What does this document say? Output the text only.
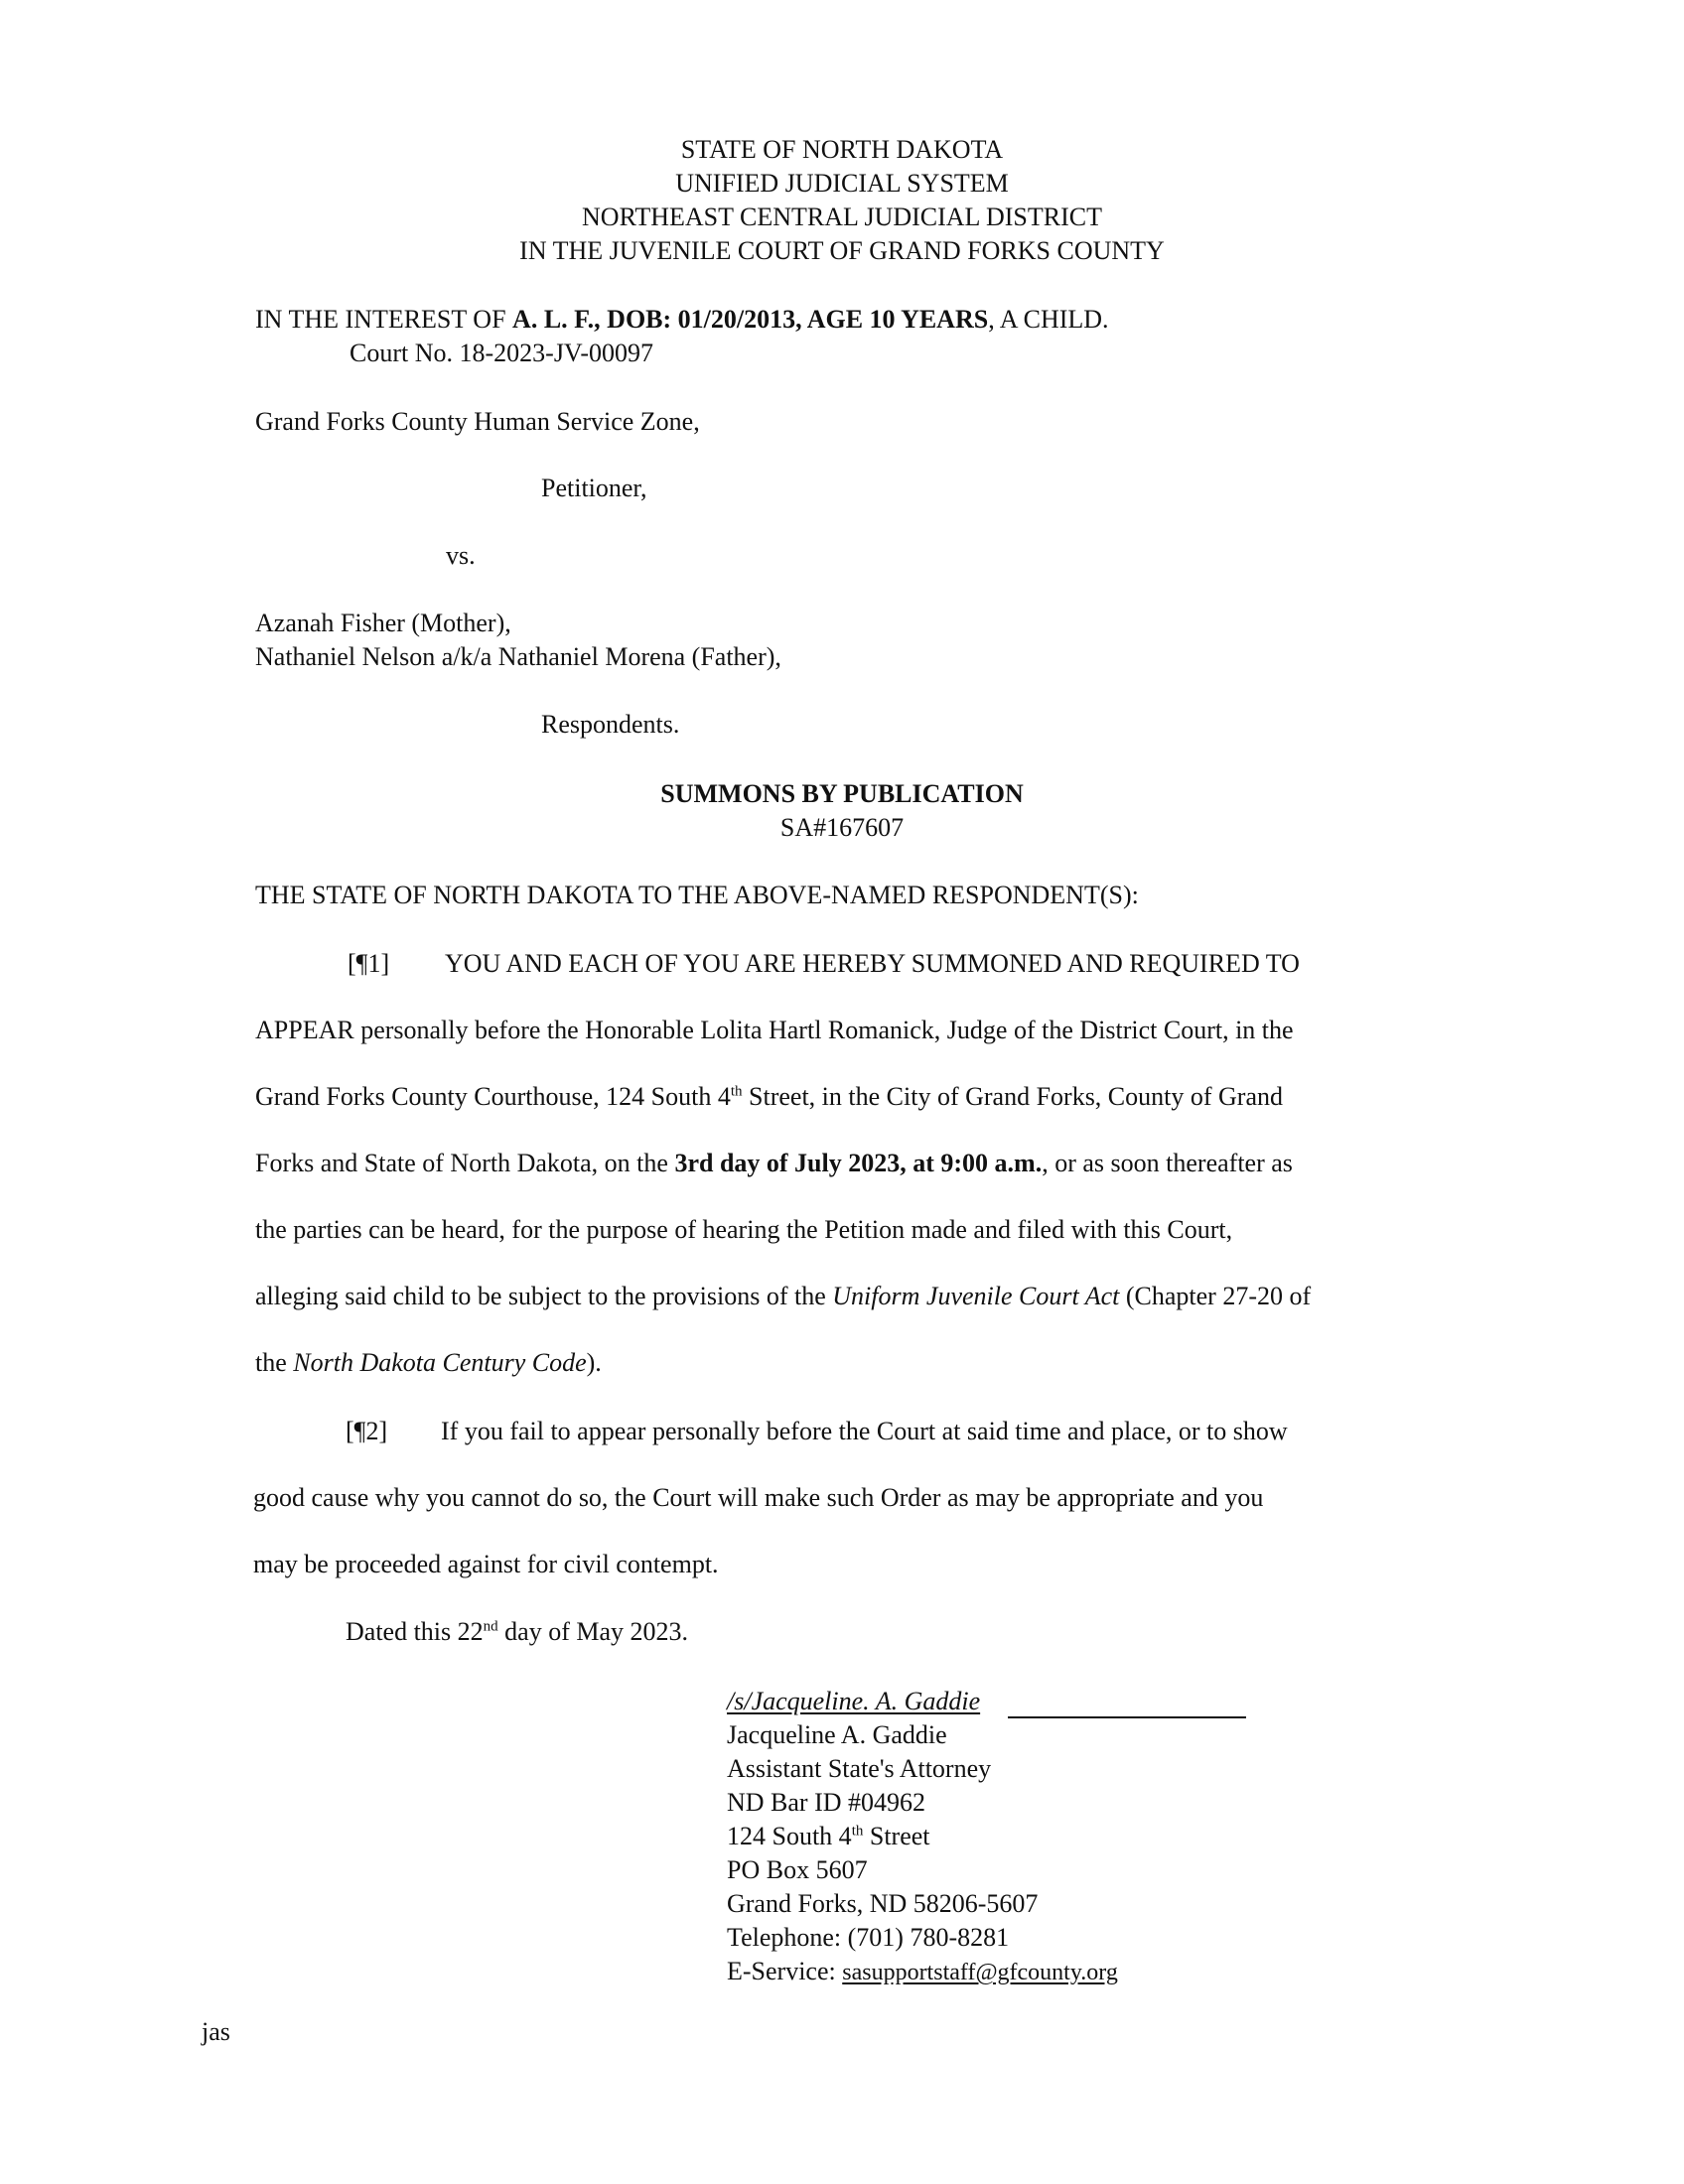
STATE OF NORTH DAKOTA
UNIFIED JUDICIAL SYSTEM
NORTHEAST CENTRAL JUDICIAL DISTRICT
IN THE JUVENILE COURT OF GRAND FORKS COUNTY
IN THE INTEREST OF A. L. F., DOB: 01/20/2013, AGE 10 YEARS, A CHILD.
Court No. 18-2023-JV-00097
Grand Forks County Human Service Zone,
Petitioner,
vs.
Azanah Fisher (Mother),
Nathaniel Nelson a/k/a Nathaniel Morena (Father),
Respondents.
SUMMONS BY PUBLICATION
SA#167607
THE STATE OF NORTH DAKOTA TO THE ABOVE-NAMED RESPONDENT(S):
[¶1] YOU AND EACH OF YOU ARE HEREBY SUMMONED AND REQUIRED TO
APPEAR personally before the Honorable Lolita Hartl Romanick, Judge of the District Court, in the
Grand Forks County Courthouse, 124 South 4th Street, in the City of Grand Forks, County of Grand
Forks and State of North Dakota, on the 3rd day of July 2023, at 9:00 a.m., or as soon thereafter as
the parties can be heard, for the purpose of hearing the Petition made and filed with this Court,
alleging said child to be subject to the provisions of the Uniform Juvenile Court Act (Chapter 27-20 of
the North Dakota Century Code).
[¶2] If you fail to appear personally before the Court at said time and place, or to show
good cause why you cannot do so, the Court will make such Order as may be appropriate and you
may be proceeded against for civil contempt.
Dated this 22nd day of May 2023.
/s/Jacqueline. A. Gaddie
Jacqueline A. Gaddie
Assistant State's Attorney
ND Bar ID #04962
124 South 4th Street
PO Box 5607
Grand Forks, ND 58206-5607
Telephone: (701) 780-8281
E-Service: sasupportstaff@gfcounty.org
jas
